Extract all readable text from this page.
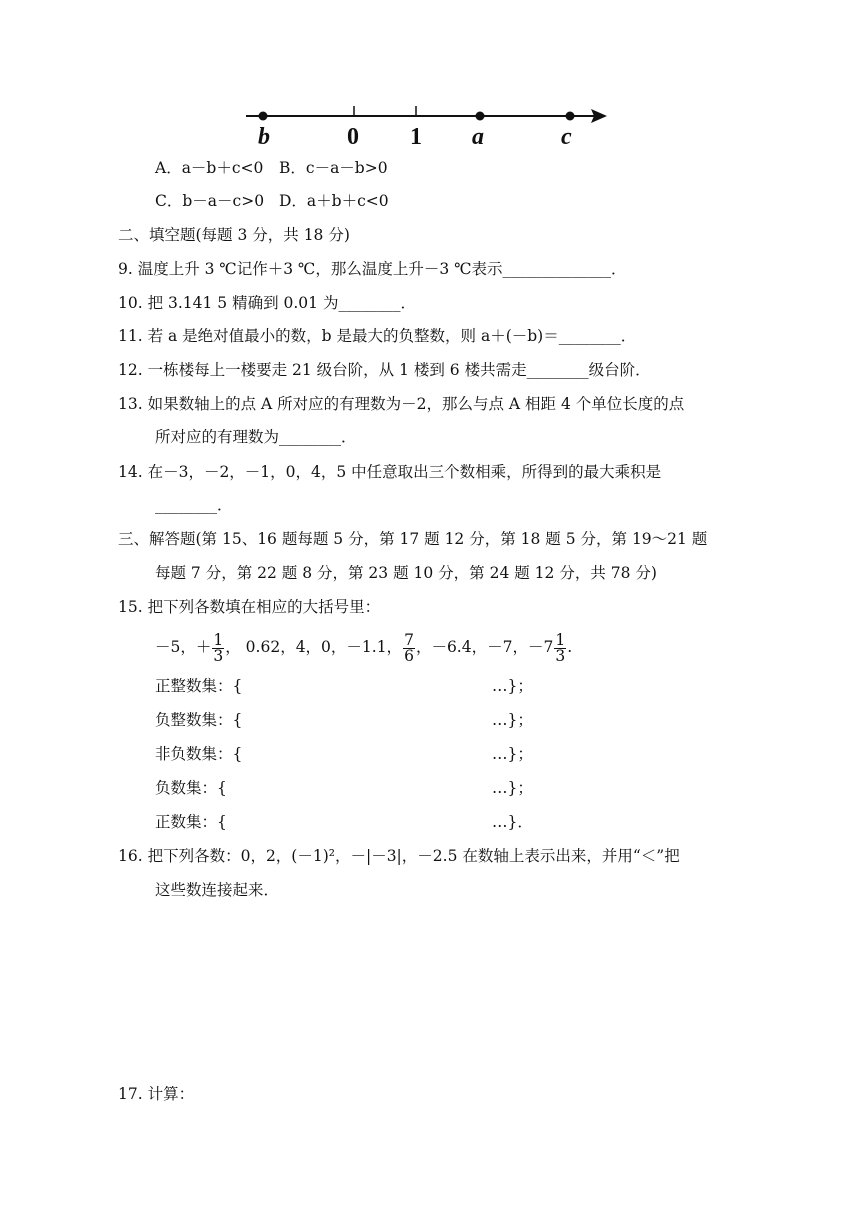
b	0 1 a	c
A．a－b＋c<0 B．c－a－b>0
C．b－a－c>0 D．a＋b＋c<0
二、填空题(每题 3 分，共 18 分)
9. 温度上升 3 ℃记作＋3 ℃，那么温度上升－3 ℃表示______________．
10. 把 3.141 5 精确到 0.01 为________．
11. 若 a 是绝对值最小的数，b 是最大的负整数，则 a＋(－b)＝________．
12. 一栋楼每上一楼要走 21 级台阶，从 1 楼到 6 楼共需走________级台阶．
13. 如果数轴上的点 A 所对应的有理数为－2，那么与点 A 相距 4 个单位长度的点
所对应的有理数为________．
14. 在－3，－2，－1，0，4，5 中任意取出三个数相乘，所得到的最大乘积是
________．
三、解答题(第 15、16 题每题 5 分，第 17 题 12 分，第 18 题 5 分，第 19～21 题
每题 7 分，第 22 题 8 分，第 23 题 10 分，第 24 题 12 分，共 78 分)
15. 把下列各数填在相应的大括号里：
－5，＋ $\frac{1}{3}$ ， 0.62，4，0，－1.1， $\frac{7}{6}$ ，－6.4，－7，$-7 \frac{1}{3}$ .
正整数集：{	…}；
负整数集：{	…}；
非负数集：{	…}；
负数集：{	…}；
正数集：{	…}．
16. 把下列各数：0，2，(－1)²，－|－3|，－2.5 在数轴上表示出来，并用“＜”把
这些数连接起来．
17. 计算：
